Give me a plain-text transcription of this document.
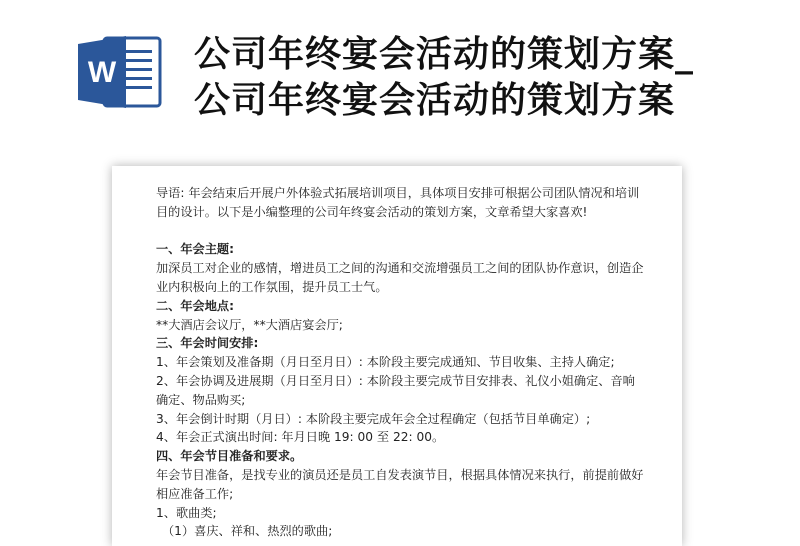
W 公司年终宴会活动的策划方案_
公司年终宴会活动的策划方案

导语: 年会结束后开展户外体验式拓展培训项目，具体项目安排可根据公司团队情况和培训目的设计。以下是小编整理的公司年终宴会活动的策划方案，文章希望大家喜欢!

一、年会主题:

加深员工对企业的感情，增进员工之间的沟通和交流增强员工之间的团队协作意识，创造企业内积极向上的工作氛围，提升员工士气。

二、年会地点:

**大酒店会议厅，**大酒店宴会厅;

三、年会时间安排:

1、年会策划及准备期（月日至月日）: 本阶段主要完成通知、节目收集、主持人确定;

2、年会协调及进展期（月日至月日）: 本阶段主要完成节目安排表、礼仪小姐确定、音响确定、物品购买;

3、年会倒计时期（月日）: 本阶段主要完成年会全过程确定（包括节目单确定）;

4、年会正式演出时间: 年月日晚 19: 00 至 22: 00。

四、年会节目准备和要求。

年会节目准备，是找专业的演员还是员工自发表演节目，根据具体情况来执行，前提前做好相应准备工作;

1、歌曲类;

（1）喜庆、祥和、热烈的歌曲;
